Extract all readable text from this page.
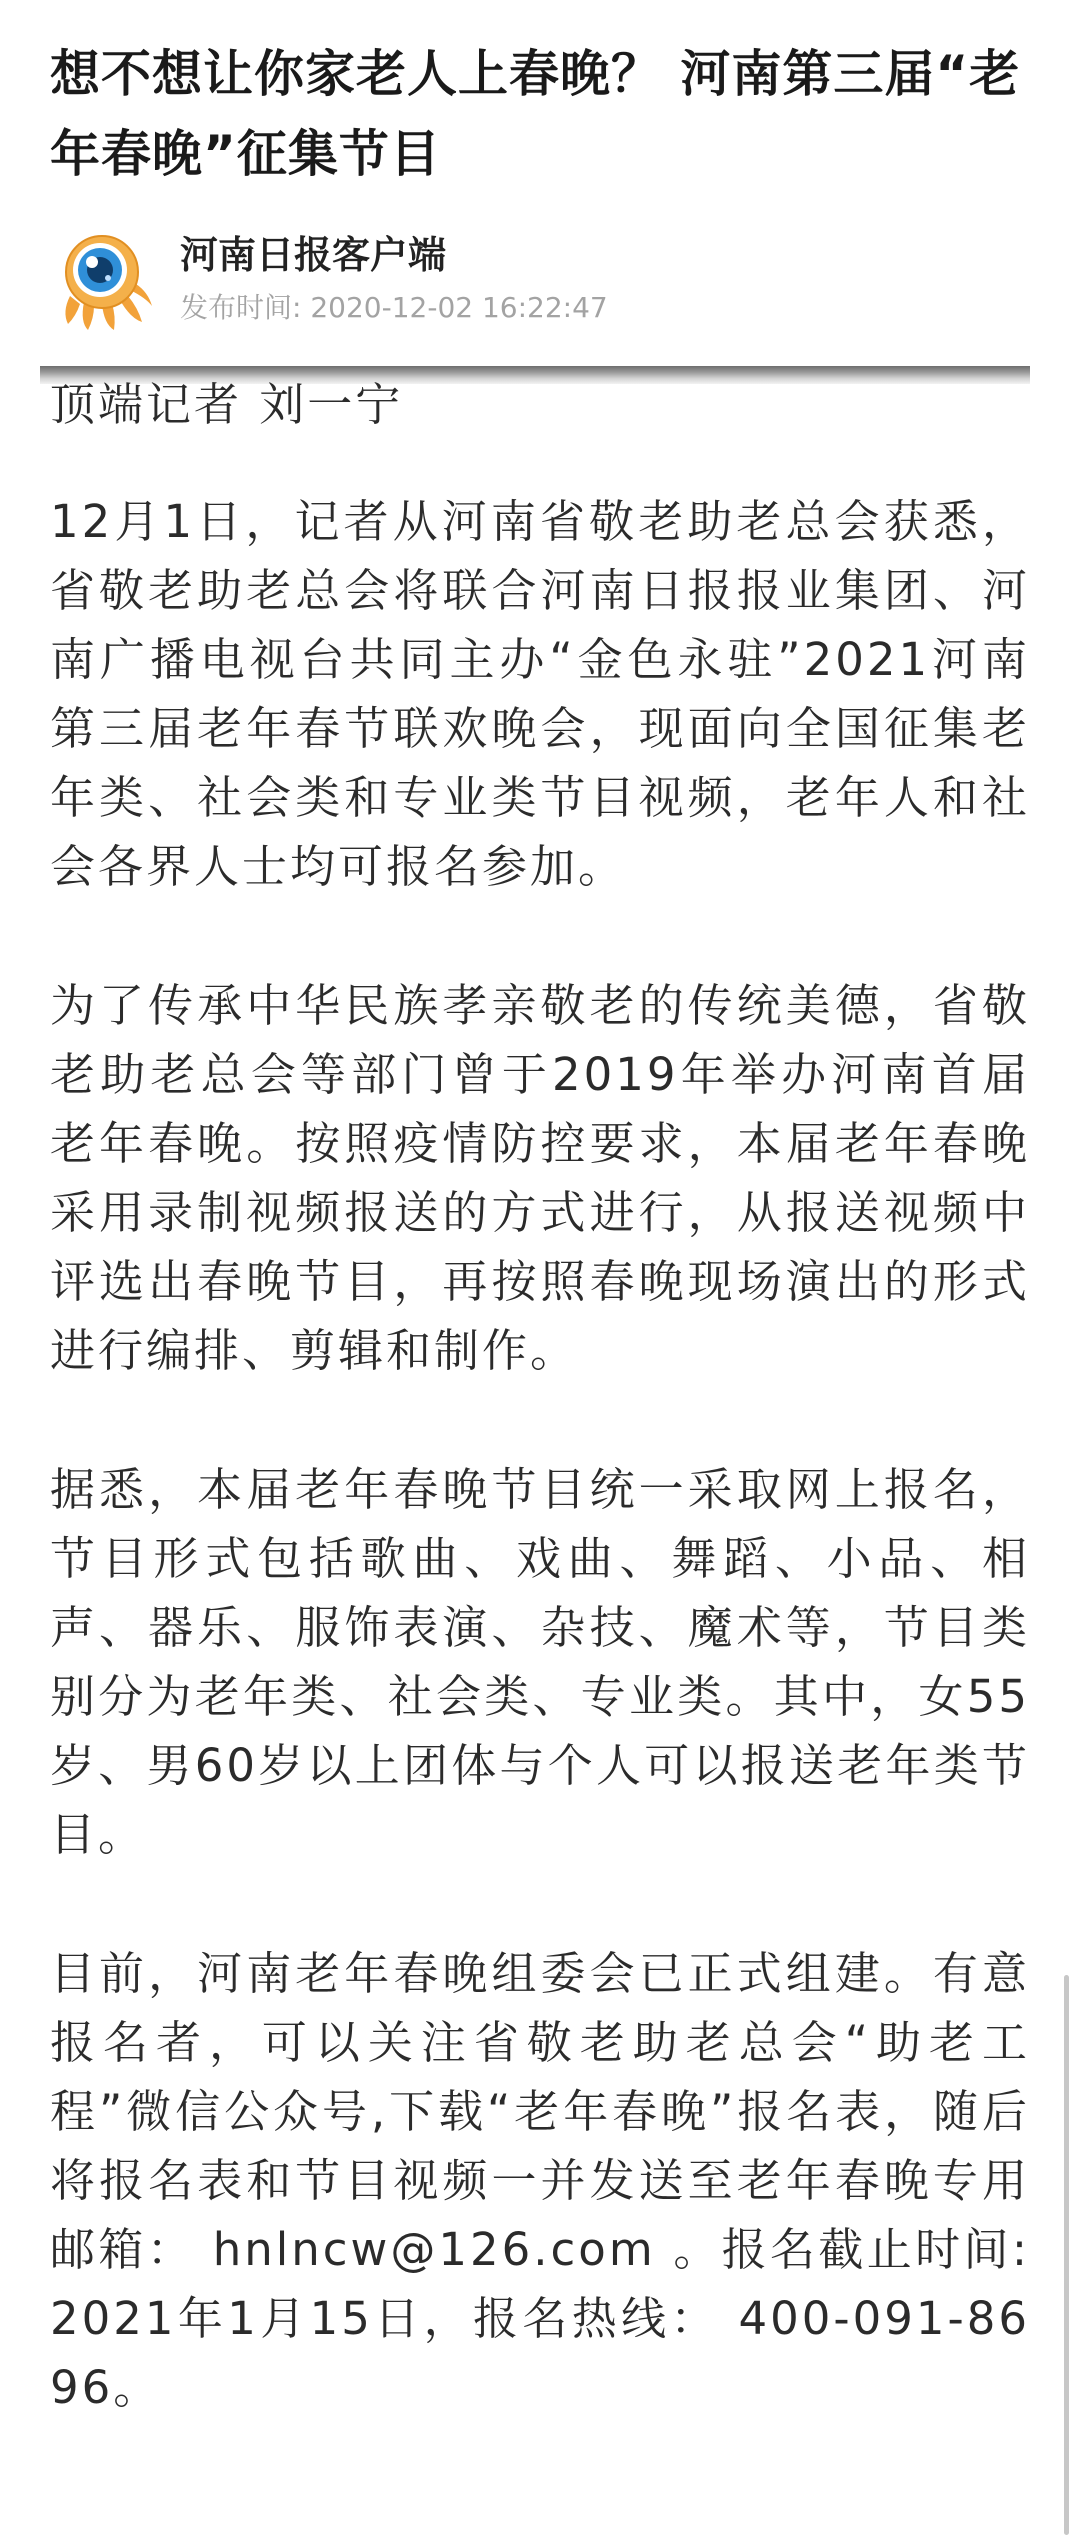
想不想让你家老人上春晚？ 河南第三届“老年春晚”征集节目
河南日报客户端
发布时间: 2020-12-02 16:22:47

顶端记者 刘一宁

12月1日，记者从河南省敬老助老总会获悉，省敬老助老总会将联合河南日报报业集团、河南广播电视台共同主办“金色永驻”2021河南第三届老年春节联欢晚会，现面向全国征集老年类、社会类和专业类节目视频，老年人和社会各界人士均可报名参加。

为了传承中华民族孝亲敬老的传统美德，省敬老助老总会等部门曾于2019年举办河南首届老年春晚。按照疫情防控要求，本届老年春晚采用录制视频报送的方式进行，从报送视频中评选出春晚节目，再按照春晚现场演出的形式进行编排、剪辑和制作。

据悉，本届老年春晚节目统一采取网上报名，节目形式包括歌曲、戏曲、舞蹈、小品、相声、器乐、服饰表演、杂技、魔术等，节目类别分为老年类、社会类、专业类。其中，女55岁、男60岁以上团体与个人可以报送老年类节目。

目前，河南老年春晚组委会已正式组建。有意报名者，可以关注省敬老助老总会“助老工程”微信公众号,下载“老年春晚”报名表，随后将报名表和节目视频一并发送至老年春晚专用邮箱： hnlncw@126.com 。报名截止时间:2021年1月15日，报名热线： 400-091-8696。
